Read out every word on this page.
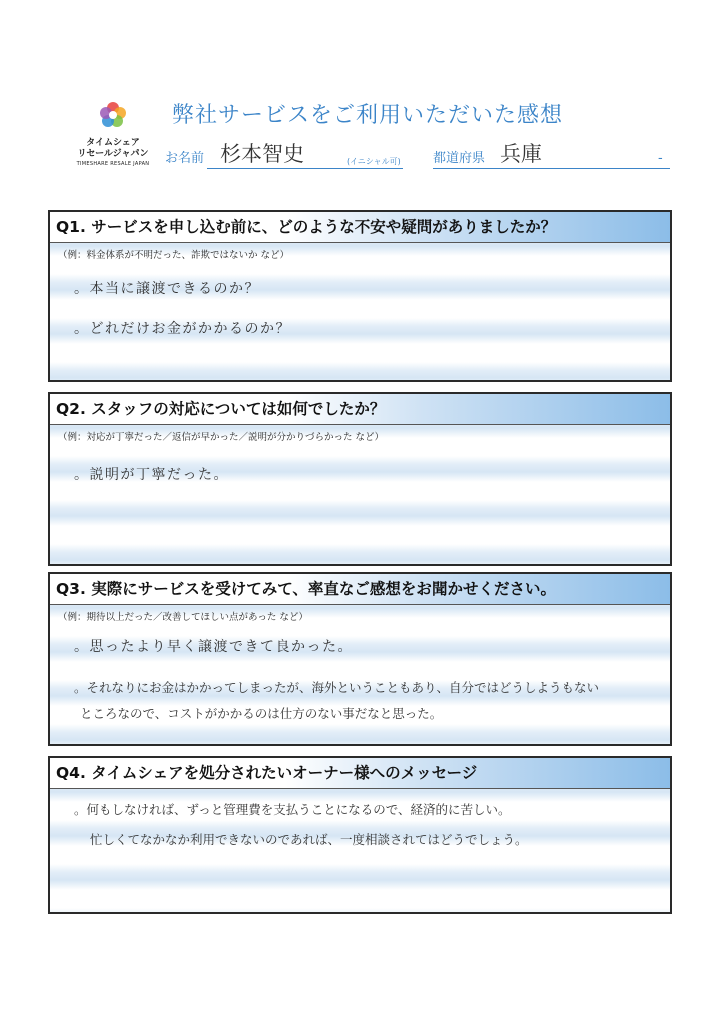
タイムシェア
リセールジャパン
TIMESHARE RESALE JAPAN
弊社サービスをご利用いただいた感想
お名前 杉本智史	(イニシャル可) 都道府県 兵庫	-
Q1. サービスを申し込む前に、どのような不安や疑問がありましたか？
（例：料金体系が不明だった、詐欺ではないか など）
。本当に譲渡できるのか？
。どれだけお金がかかるのか？
Q2. スタッフの対応については如何でしたか？
（例：対応が丁寧だった／返信が早かった／説明が分かりづらかった など）
。説明が丁寧だった。
Q3. 実際にサービスを受けてみて、率直なご感想をお聞かせください。
（例：期待以上だった／改善してほしい点があった など）
。思ったより早く譲渡できて良かった。
。それなりにお金はかかってしまったが、海外ということもあり、自分ではどうしようもない
ところなので、コストがかかるのは仕方のない事だなと思った。
Q4. タイムシェアを処分されたいオーナー様へのメッセージ
。何もしなければ、ずっと管理費を支払うことになるので、経済的に苦しい。
忙しくてなかなか利用できないのであれば、一度相談されてはどうでしょう。
